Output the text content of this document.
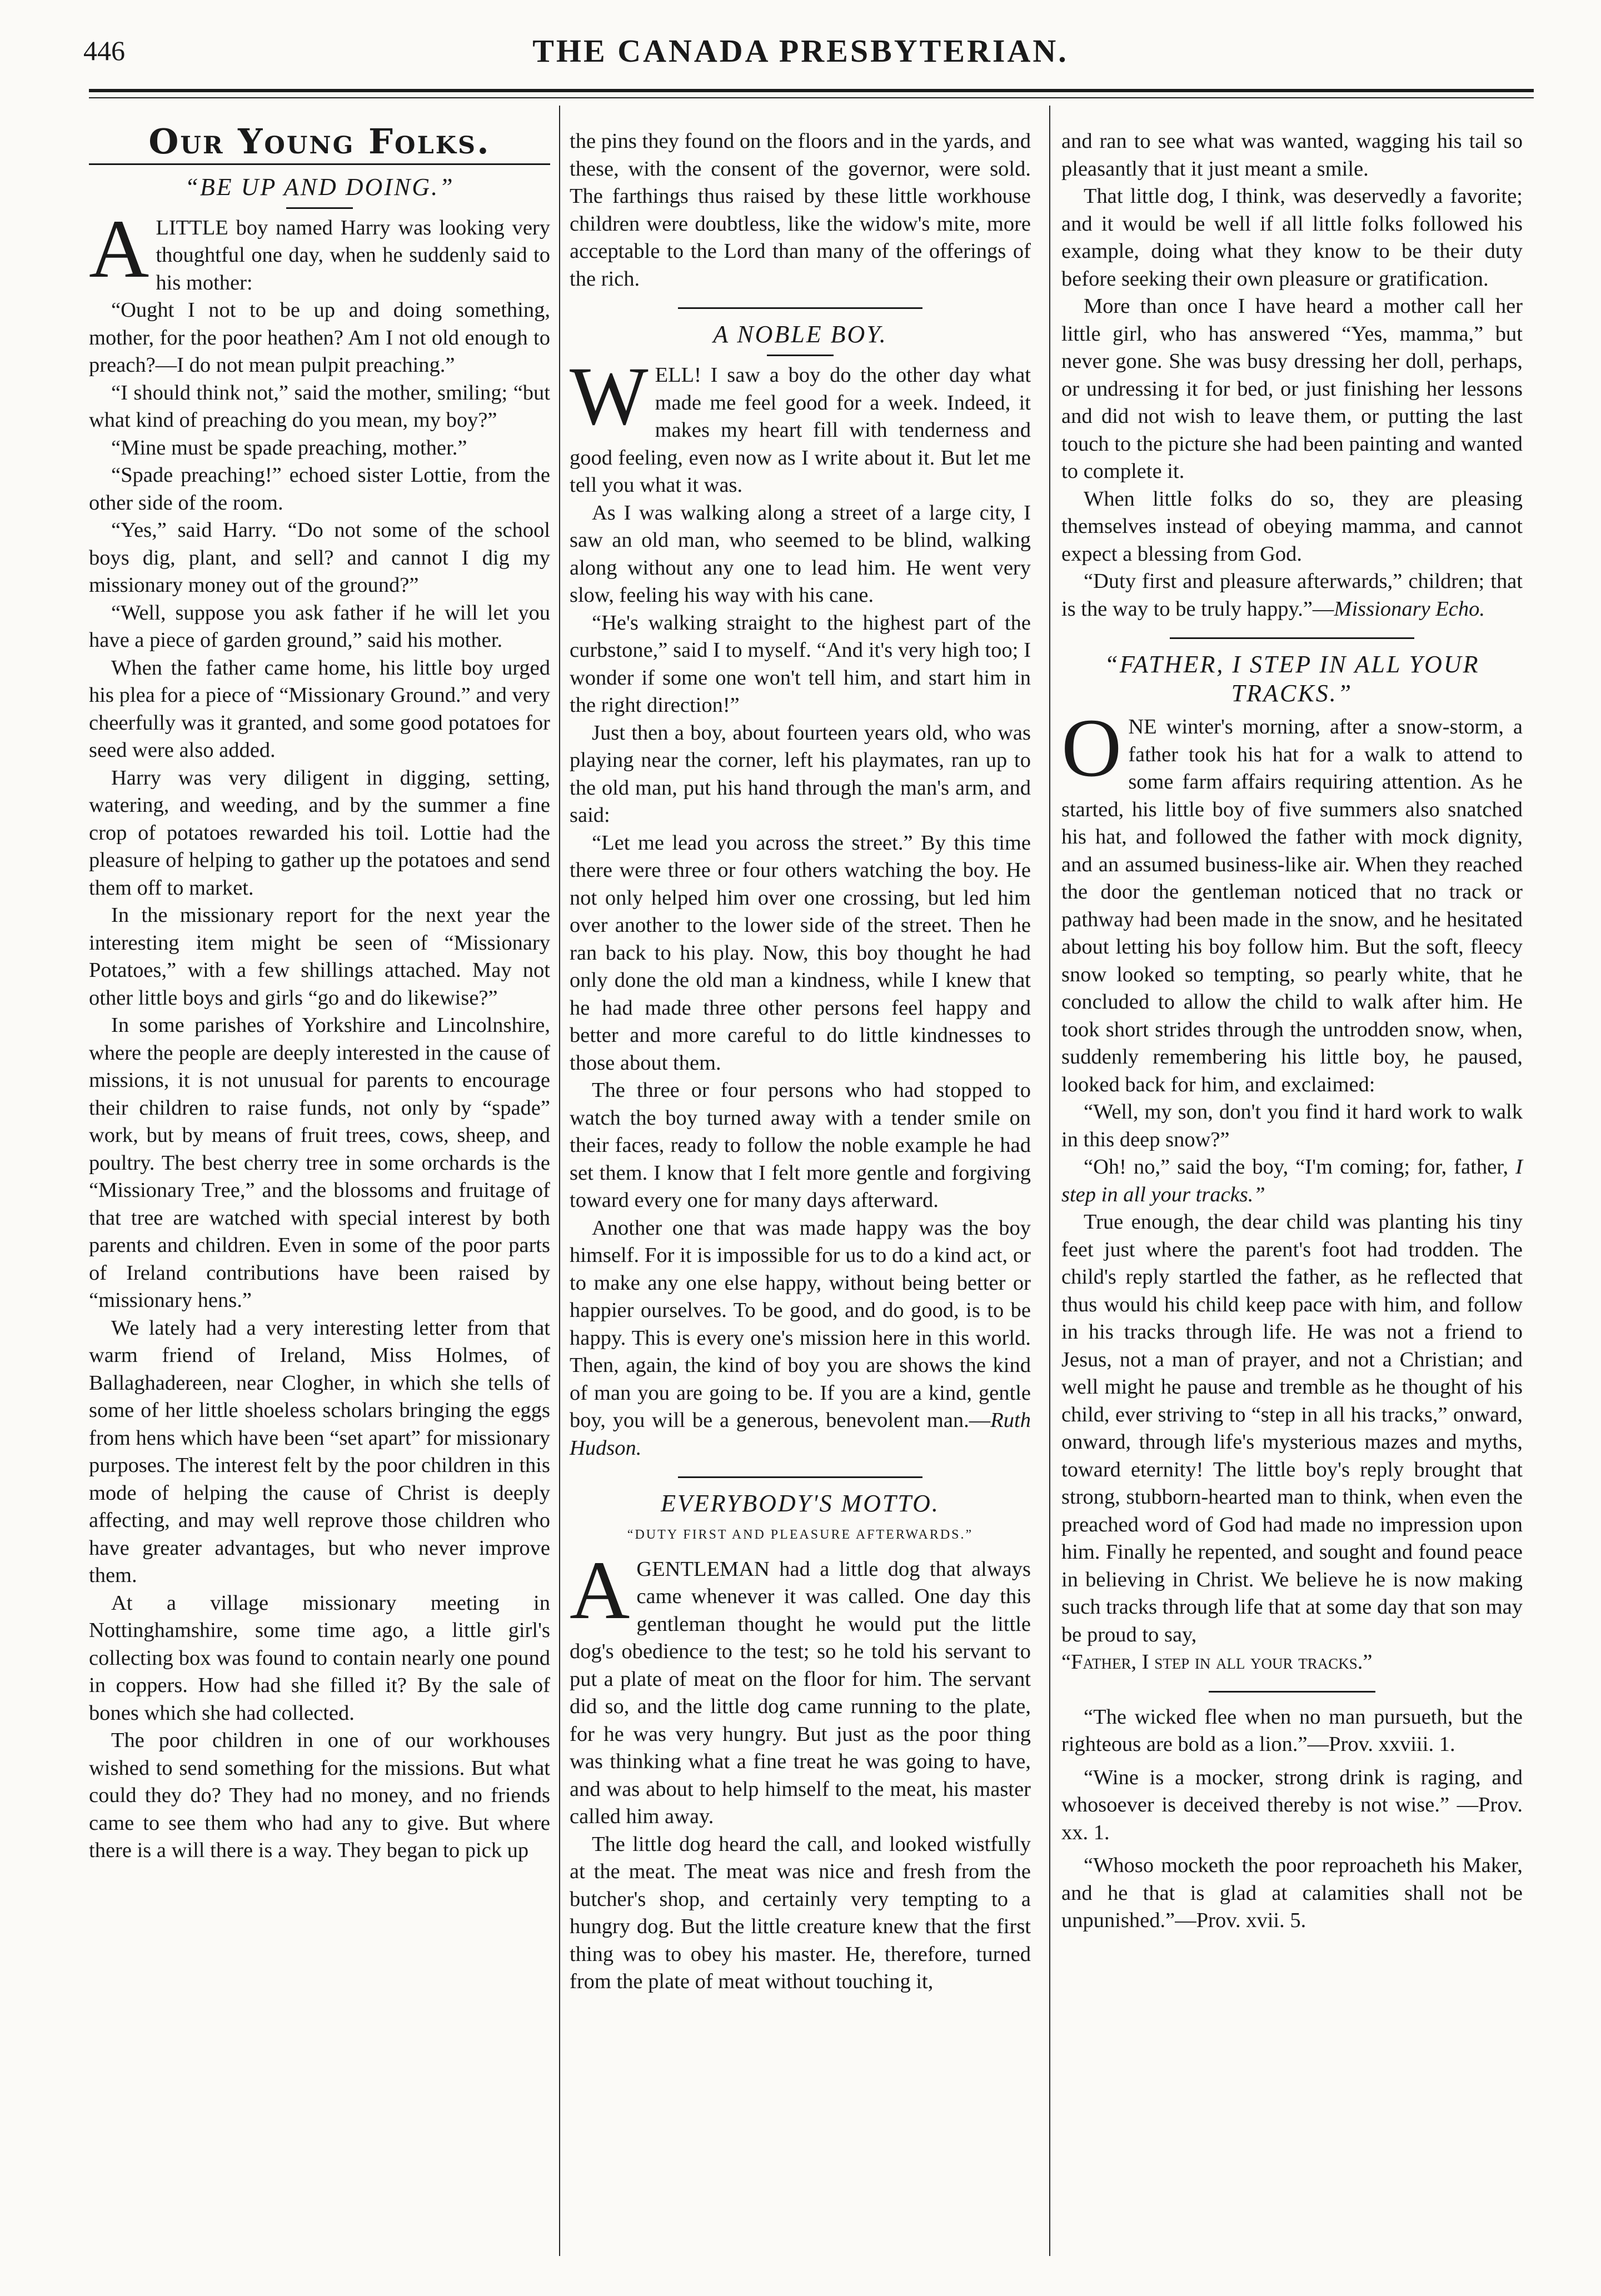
446	THE CANADA PRESBYTERIAN.
Our Young Folks.
“BE UP AND DOING.”

ALITTLE boy named Harry was looking very thoughtful one day, when he suddenly said to his mother:

“Ought I not to be up and doing something, mother, for the poor heathen? Am I not old enough to preach?—I do not mean pulpit preaching.”

“I should think not,” said the mother, smiling; “but what kind of preaching do you mean, my boy?”

“Mine must be spade preaching, mother.”

“Spade preaching!” echoed sister Lottie, from the other side of the room.

“Yes,” said Harry. “Do not some of the school boys dig, plant, and sell? and cannot I dig my missionary money out of the ground?”

“Well, suppose you ask father if he will let you have a piece of garden ground,” said his mother.

When the father came home, his little boy urged his plea for a piece of “Missionary Ground.” and very cheerfully was it granted, and some good potatoes for seed were also added.

Harry was very diligent in digging, setting, watering, and weeding, and by the summer a fine crop of potatoes rewarded his toil. Lottie had the pleasure of helping to gather up the potatoes and send them off to market.

In the missionary report for the next year the interesting item might be seen of “Missionary Potatoes,” with a few shillings attached. May not other little boys and girls “go and do likewise?”

In some parishes of Yorkshire and Lincolnshire, where the people are deeply interested in the cause of missions, it is not unusual for parents to encourage their children to raise funds, not only by “spade” work, but by means of fruit trees, cows, sheep, and poultry. The best cherry tree in some orchards is the “Missionary Tree,” and the blossoms and fruitage of that tree are watched with special interest by both parents and children. Even in some of the poor parts of Ireland contributions have been raised by “missionary hens.”

We lately had a very interesting letter from that warm friend of Ireland, Miss Holmes, of Ballaghadereen, near Clogher, in which she tells of some of her little shoeless scholars bringing the eggs from hens which have been “set apart” for missionary purposes. The interest felt by the poor children in this mode of helping the cause of Christ is deeply affecting, and may well reprove those children who have greater advantages, but who never improve them.

At a village missionary meeting in Nottinghamshire, some time ago, a little girl's collecting box was found to contain nearly one pound in coppers. How had she filled it? By the sale of bones which she had collected.

The poor children in one of our workhouses wished to send something for the missions. But what could they do? They had no money, and no friends came to see them who had any to give. But where there is a will there is a way. They began to pick up

the pins they found on the floors and in the yards, and these, with the consent of the governor, were sold. The farthings thus raised by these little workhouse children were doubtless, like the widow's mite, more acceptable to the Lord than many of the offerings of the rich.

A NOBLE BOY.

WELL! I saw a boy do the other day what made me feel good for a week. Indeed, it makes my heart fill with tenderness and good feeling, even now as I write about it. But let me tell you what it was.

As I was walking along a street of a large city, I saw an old man, who seemed to be blind, walking along without any one to lead him. He went very slow, feeling his way with his cane.

“He's walking straight to the highest part of the curbstone,” said I to myself. “And it's very high too; I wonder if some one won't tell him, and start him in the right direction!”

Just then a boy, about fourteen years old, who was playing near the corner, left his playmates, ran up to the old man, put his hand through the man's arm, and said:

“Let me lead you across the street.” By this time there were three or four others watching the boy. He not only helped him over one crossing, but led him over another to the lower side of the street. Then he ran back to his play. Now, this boy thought he had only done the old man a kindness, while I knew that he had made three other persons feel happy and better and more careful to do little kindnesses to those about them.

The three or four persons who had stopped to watch the boy turned away with a tender smile on their faces, ready to follow the noble example he had set them. I know that I felt more gentle and forgiving toward every one for many days afterward.

Another one that was made happy was the boy himself. For it is impossible for us to do a kind act, or to make any one else happy, without being better or happier ourselves. To be good, and do good, is to be happy. This is every one's mission here in this world. Then, again, the kind of boy you are shows the kind of man you are going to be. If you are a kind, gentle boy, you will be a generous, benevolent man.—Ruth Hudson.

EVERYBODY'S MOTTO.
“DUTY FIRST AND PLEASURE AFTERWARDS.”

AGENTLEMAN had a little dog that always came whenever it was called. One day this gentleman thought he would put the little dog's obedience to the test; so he told his servant to put a plate of meat on the floor for him. The servant did so, and the little dog came running to the plate, for he was very hungry. But just as the poor thing was thinking what a fine treat he was going to have, and was about to help himself to the meat, his master called him away.

The little dog heard the call, and looked wistfully at the meat. The meat was nice and fresh from the butcher's shop, and certainly very tempting to a hungry dog. But the little creature knew that the first thing was to obey his master. He, therefore, turned from the plate of meat without touching it,

and ran to see what was wanted, wagging his tail so pleasantly that it just meant a smile.

That little dog, I think, was deservedly a favorite; and it would be well if all little folks followed his example, doing what they know to be their duty before seeking their own pleasure or gratification.

More than once I have heard a mother call her little girl, who has answered “Yes, mamma,” but never gone. She was busy dressing her doll, perhaps, or undressing it for bed, or just finishing her lessons and did not wish to leave them, or putting the last touch to the picture she had been painting and wanted to complete it.

When little folks do so, they are pleasing themselves instead of obeying mamma, and cannot expect a blessing from God.

“Duty first and pleasure afterwards,” children; that is the way to be truly happy.”—Missionary Echo.

“FATHER, I STEP IN ALL YOUR TRACKS.”

ONE winter's morning, after a snow-storm, a father took his hat for a walk to attend to some farm affairs requiring attention. As he started, his little boy of five summers also snatched his hat, and followed the father with mock dignity, and an assumed business-like air. When they reached the door the gentleman noticed that no track or pathway had been made in the snow, and he hesitated about letting his boy follow him. But the soft, fleecy snow looked so tempting, so pearly white, that he concluded to allow the child to walk after him. He took short strides through the untrodden snow, when, suddenly remembering his little boy, he paused, looked back for him, and exclaimed:

“Well, my son, don't you find it hard work to walk in this deep snow?”

“Oh! no,” said the boy, “I'm coming; for, father, I step in all your tracks.”

True enough, the dear child was planting his tiny feet just where the parent's foot had trodden. The child's reply startled the father, as he reflected that thus would his child keep pace with him, and follow in his tracks through life. He was not a friend to Jesus, not a man of prayer, and not a Christian; and well might he pause and tremble as he thought of his child, ever striving to “step in all his tracks,” onward, onward, through life's mysterious mazes and myths, toward eternity! The little boy's reply brought that strong, stubborn-hearted man to think, when even the preached word of God had made no impression upon him. Finally he repented, and sought and found peace in believing in Christ. We believe he is now making such tracks through life that at some day that son may be proud to say,

“Father, I step in all your tracks.”

“The wicked flee when no man pursueth, but the righteous are bold as a lion.”—Prov. xxviii. 1.

“Wine is a mocker, strong drink is raging, and whosoever is deceived thereby is not wise.” —Prov. xx. 1.

“Whoso mocketh the poor reproacheth his Maker, and he that is glad at calamities shall not be unpunished.”—Prov. xvii. 5.
